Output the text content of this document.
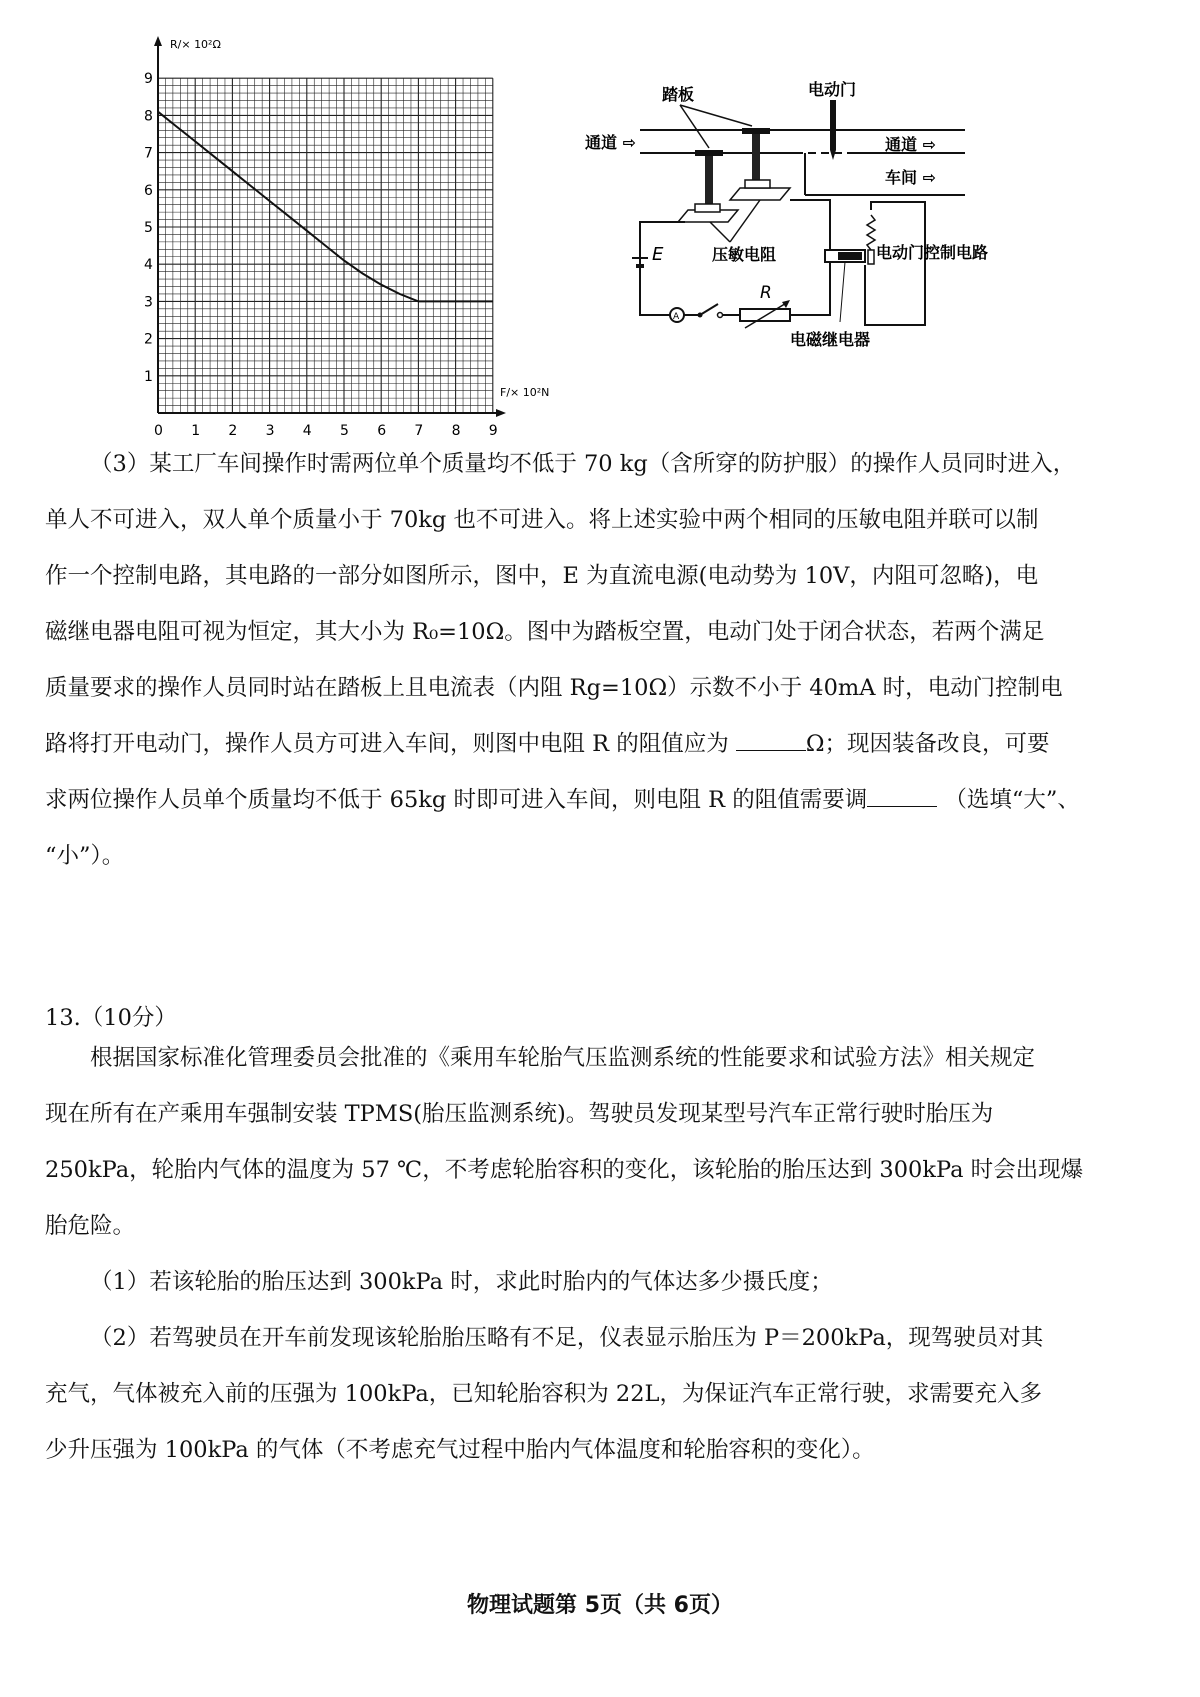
R/× 10²Ω
F/× 10²N
0 1 2 3 4 5 6 7 8 9
1
2
3
4
5
6
7
8
9
E
A
R
踏板	电动门
通道 ⇨	通道 ⇨
车间 ⇨
压敏电阻	电动门控制电路
电磁继电器

（3）某工厂车间操作时需两位单个质量均不低于 70 kg（含所穿的防护服）的操作人员同时进入，

单人不可进入，双人单个质量小于 70kg 也不可进入。将上述实验中两个相同的压敏电阻并联可以制

作一个控制电路，其电路的一部分如图所示，图中，E 为直流电源(电动势为 10V，内阻可忽略)，电

磁继电器电阻可视为恒定，其大小为 R₀=10Ω。图中为踏板空置，电动门处于闭合状态，若两个满足

质量要求的操作人员同时站在踏板上且电流表（内阻 Rg=10Ω）示数不小于 40mA 时，电动门控制电

路将打开电动门，操作人员方可进入车间，则图中电阻 R 的阻值应为	Ω；现因装备改良，可要

求两位操作人员单个质量均不低于 65kg 时即可进入车间，则电阻 R 的阻值需要调	（选填“大”、

“小”）。

13.（10分）

根据国家标准化管理委员会批准的《乘用车轮胎气压监测系统的性能要求和试验方法》相关规定

现在所有在产乘用车强制安装 TPMS(胎压监测系统)。驾驶员发现某型号汽车正常行驶时胎压为

250kPa，轮胎内气体的温度为 57 ℃，不考虑轮胎容积的变化，该轮胎的胎压达到 300kPa 时会出现爆

胎危险。

（1）若该轮胎的胎压达到 300kPa 时，求此时胎内的气体达多少摄氏度；

（2）若驾驶员在开车前发现该轮胎胎压略有不足，仪表显示胎压为 P＝200kPa，现驾驶员对其

充气，气体被充入前的压强为 100kPa，已知轮胎容积为 22L，为保证汽车正常行驶，求需要充入多

少升压强为 100kPa 的气体（不考虑充气过程中胎内气体温度和轮胎容积的变化）。

物理试题第 5页（共 6页）
